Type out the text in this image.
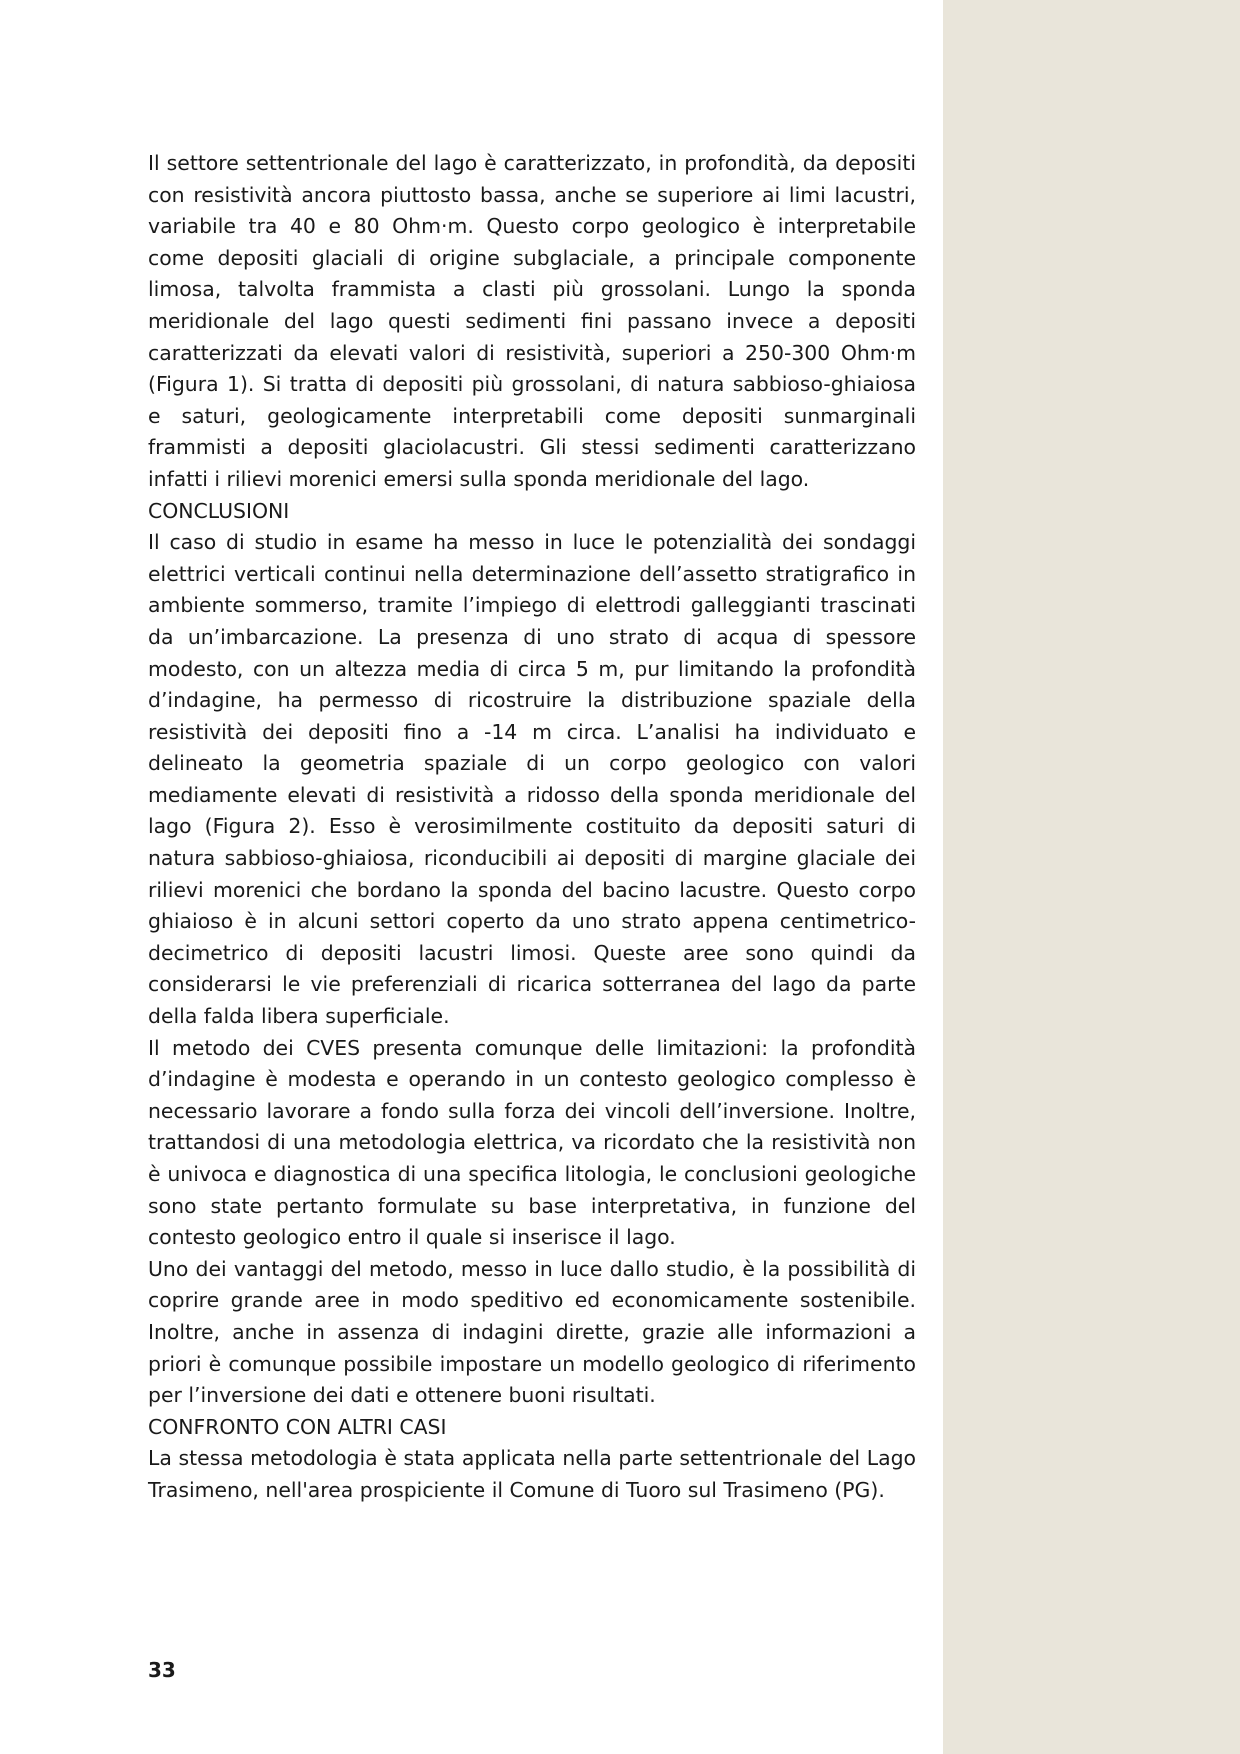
Il settore settentrionale del lago è caratterizzato, in profondità, da depositi con resistività ancora piuttosto bassa, anche se superiore ai limi lacustri, variabile tra 40 e 80 Ohm·m. Questo corpo geologico è interpretabile come depositi glaciali di origine subglaciale, a principale componente limosa, talvolta frammista a clasti più grossolani. Lungo la sponda meridionale del lago questi sedimenti fini passano invece a depositi caratterizzati da elevati valori di resistività, superiori a 250-300 Ohm·m (Figura 1). Si tratta di depositi più grossolani, di natura sabbioso-ghiaiosa e saturi, geologicamente interpretabili come depositi sunmarginali frammisti a depositi glaciolacustri. Gli stessi sedimenti caratterizzano infatti i rilievi morenici emersi sulla sponda meridionale del lago.

CONCLUSIONI

Il caso di studio in esame ha messo in luce le potenzialità dei sondaggi elettrici verticali continui nella determinazione dell’assetto stratigrafico in ambiente sommerso, tramite l’impiego di elettrodi galleggianti trascinati da un’imbarcazione. La presenza di uno strato di acqua di spessore modesto, con un altezza media di circa 5 m, pur limitando la profondità d’indagine, ha permesso di ricostruire la distribuzione spaziale della resistività dei depositi fino a -14 m circa. L’analisi ha individuato e delineato la geometria spaziale di un corpo geologico con valori mediamente elevati di resistività a ridosso della sponda meridionale del lago (Figura 2). Esso è verosimilmente costituito da depositi saturi di natura sabbioso-ghiaiosa, riconducibili ai depositi di margine glaciale dei rilievi morenici che bordano la sponda del bacino lacustre. Questo corpo ghiaioso è in alcuni settori coperto da uno strato appena centimetrico-decimetrico di depositi lacustri limosi. Queste aree sono quindi da considerarsi le vie preferenziali di ricarica sotterranea del lago da parte della falda libera superficiale.

Il metodo dei CVES presenta comunque delle limitazioni: la profondità d’indagine è modesta e operando in un contesto geologico complesso è necessario lavorare a fondo sulla forza dei vincoli dell’inversione. Inoltre, trattandosi di una metodologia elettrica, va ricordato che la resistività non è univoca e diagnostica di una specifica litologia, le conclusioni geologiche sono state pertanto formulate su base interpretativa, in funzione del contesto geologico entro il quale si inserisce il lago.

Uno dei vantaggi del metodo, messo in luce dallo studio, è la possibilità di coprire grande aree in modo speditivo ed economicamente sostenibile. Inoltre, anche in assenza di indagini dirette, grazie alle informazioni a priori è comunque possibile impostare un modello geologico di riferimento per l’inversione dei dati e ottenere buoni risultati.

CONFRONTO CON ALTRI CASI

La stessa metodologia è stata applicata nella parte settentrionale del Lago Trasimeno, nell'area prospiciente il Comune di Tuoro sul Trasimeno (PG).

33
